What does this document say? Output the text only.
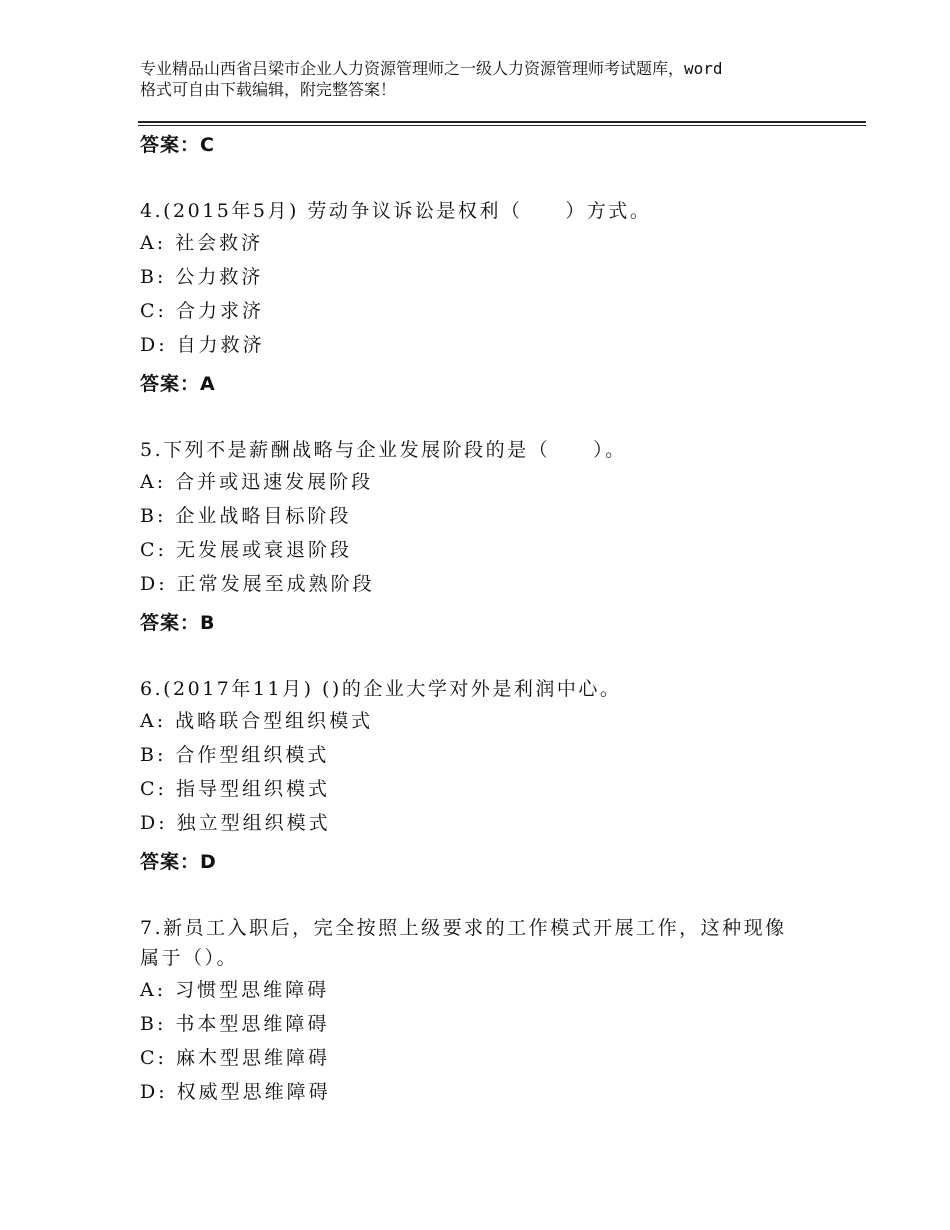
专业精品山西省吕梁市企业人力资源管理师之一级人力资源管理师考试题库，word
格式可自由下载编辑，附完整答案！
答案：C

4.(2015年5月) 劳动争议诉讼是权利（　　）方式。

A: 社会救济

B: 公力救济

C: 合力求济

D: 自力救济

答案：A

5.下列不是薪酬战略与企业发展阶段的是（　　）。

A: 合并或迅速发展阶段

B: 企业战略目标阶段

C: 无发展或衰退阶段

D: 正常发展至成熟阶段

答案：B

6.(2017年11月) ()的企业大学对外是利润中心。

A: 战略联合型组织模式

B: 合作型组织模式

C: 指导型组织模式

D: 独立型组织模式

答案：D

7.新员工入职后，完全按照上级要求的工作模式开展工作，这种现像

属于（）。

A: 习惯型思维障碍

B: 书本型思维障碍

C: 麻木型思维障碍

D: 权威型思维障碍
